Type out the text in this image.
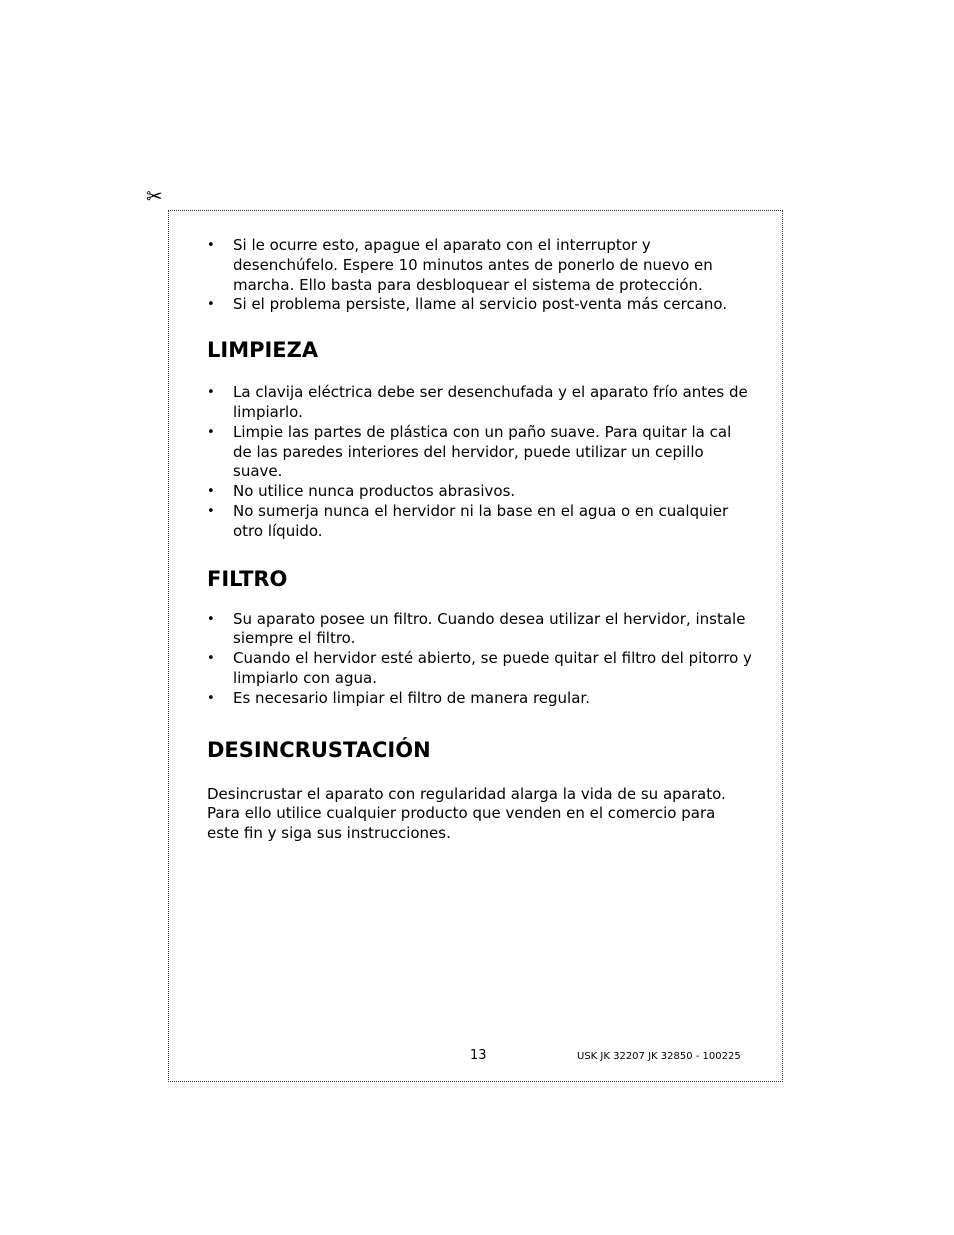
✂
• Si le ocurre esto, apague el aparato con el interruptor y desenchúfelo. Espere 10 minutos antes de ponerlo de nuevo en marcha. Ello basta para desbloquear el sistema de protección.
• Si el problema persiste, llame al servicio post-venta más cercano.
LIMPIEZA
• La clavija eléctrica debe ser desenchufada y el aparato frío antes de limpiarlo.
• Limpie las partes de plástica con un paño suave. Para quitar la cal de las paredes interiores del hervidor, puede utilizar un cepillo suave.
• No utilice nunca productos abrasivos.
• No sumerja nunca el hervidor ni la base en el agua o en cualquier otro líquido.
FILTRO
• Su aparato posee un filtro. Cuando desea utilizar el hervidor, instale siempre el filtro.
• Cuando el hervidor esté abierto, se puede quitar el filtro del pitorro y limpiarlo con agua.
• Es necesario limpiar el filtro de manera regular.
DESINCRUSTACIÓN

Desincrustar el aparato con regularidad alarga la vida de su aparato. Para ello utilice cualquier producto que venden en el comercio para este fin y siga sus instrucciones.

13	USK JK 32207 JK 32850 - 100225
